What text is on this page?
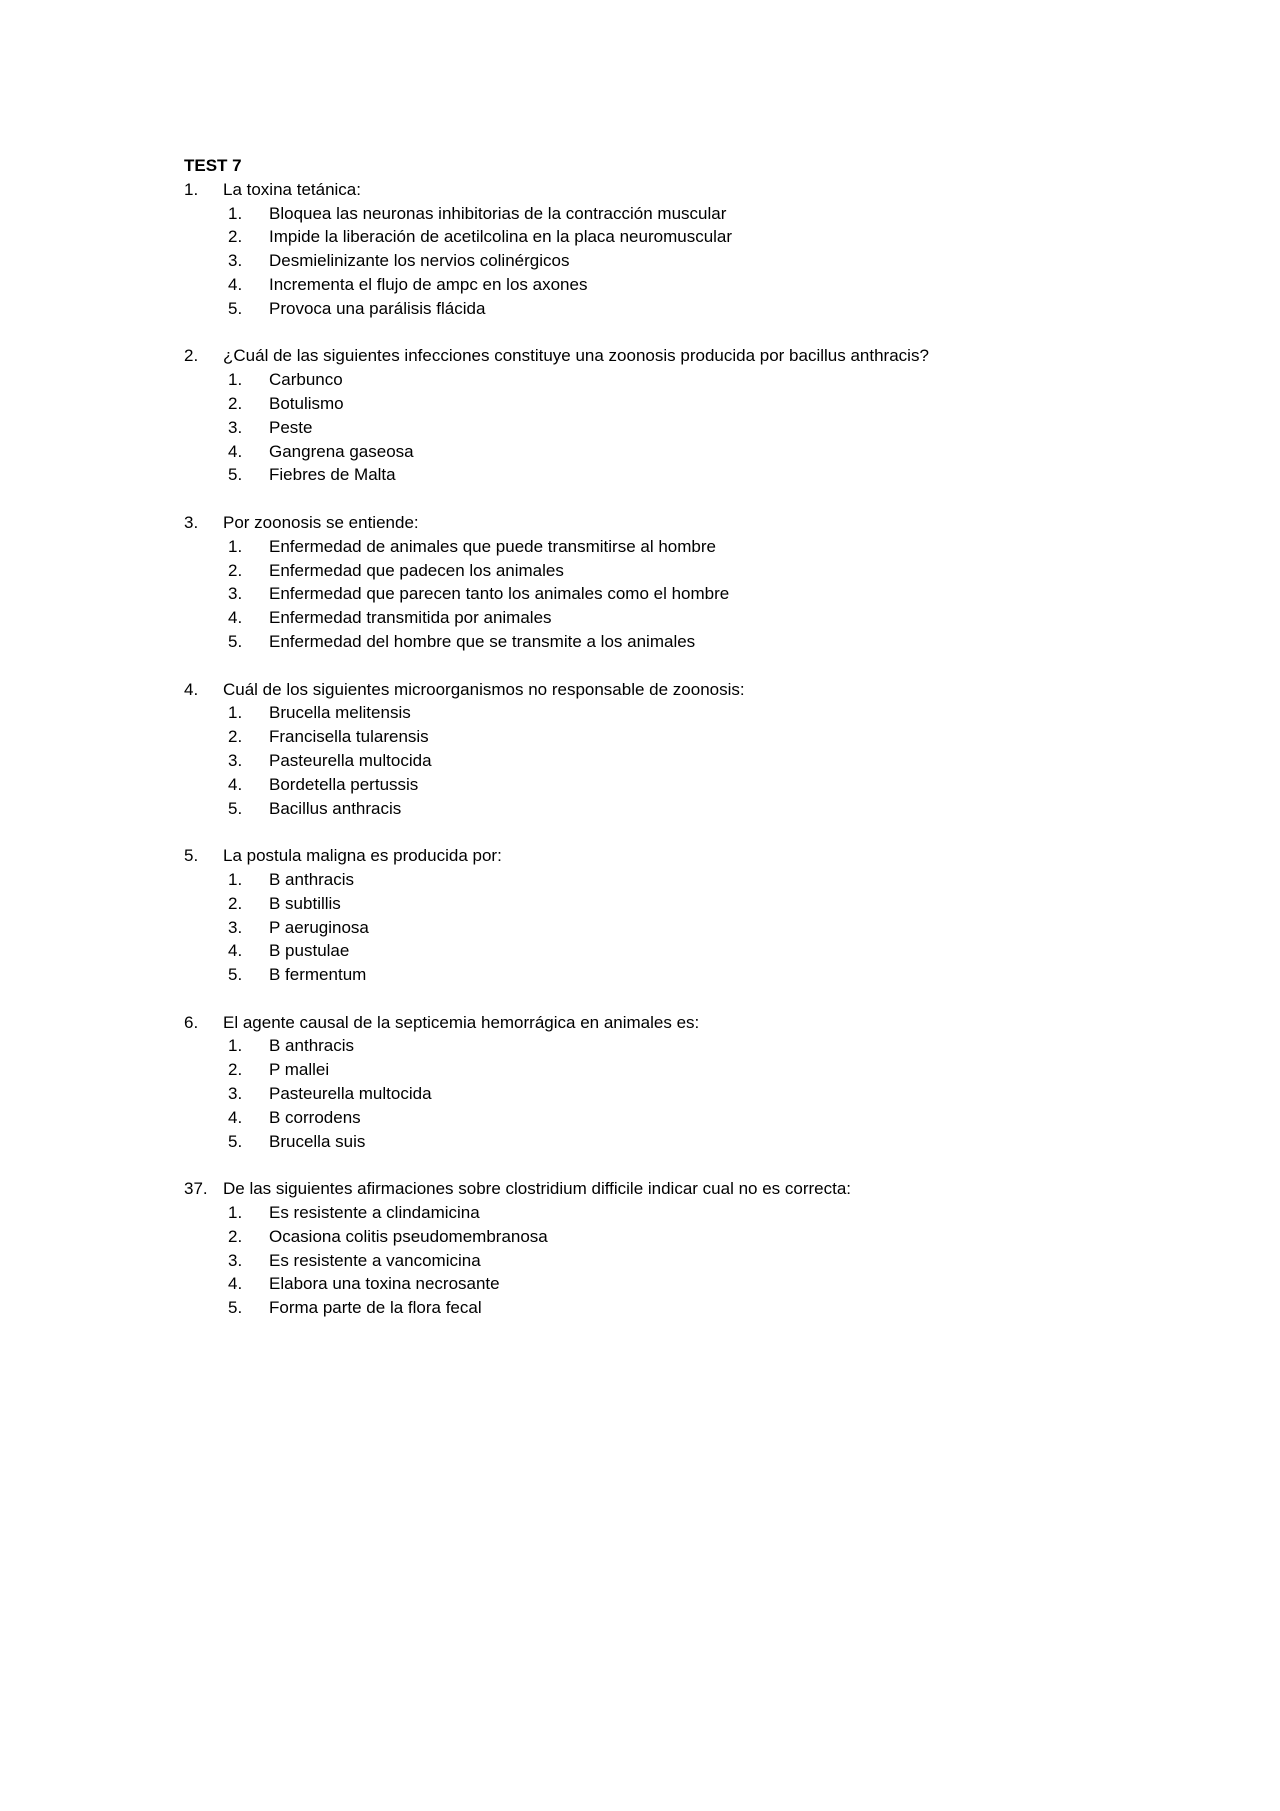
TEST 7
1. La toxina tetánica:
1. Bloquea las neuronas inhibitorias de la contracción muscular
2. Impide la liberación de acetilcolina en la placa neuromuscular
3. Desmielinizante los nervios colinérgicos
4. Incrementa el flujo de ampc en los axones
5. Provoca una parálisis flácida
2. ¿Cuál de las siguientes infecciones constituye una zoonosis producida por bacillus anthracis?
1. Carbunco
2. Botulismo
3. Peste
4. Gangrena gaseosa
5. Fiebres de Malta
3. Por zoonosis se entiende:
1. Enfermedad de animales que puede transmitirse al hombre
2. Enfermedad que padecen los animales
3. Enfermedad que parecen tanto los animales como el hombre
4. Enfermedad transmitida por animales
5. Enfermedad del hombre que se transmite a los animales
4. Cuál de los siguientes microorganismos no responsable de zoonosis:
1. Brucella melitensis
2. Francisella tularensis
3. Pasteurella multocida
4. Bordetella pertussis
5. Bacillus anthracis
5. La postula maligna es producida por:
1. B anthracis
2. B subtillis
3. P aeruginosa
4. B pustulae
5. B fermentum
6. El agente causal de la septicemia hemorrágica en animales es:
1. B anthracis
2. P mallei
3. Pasteurella multocida
4. B corrodens
5. Brucella suis
37. De las siguientes afirmaciones sobre clostridium difficile indicar cual no es correcta:
1. Es resistente a clindamicina
2. Ocasiona colitis pseudomembranosa
3. Es resistente a vancomicina
4. Elabora una toxina necrosante
5. Forma parte de la flora fecal
